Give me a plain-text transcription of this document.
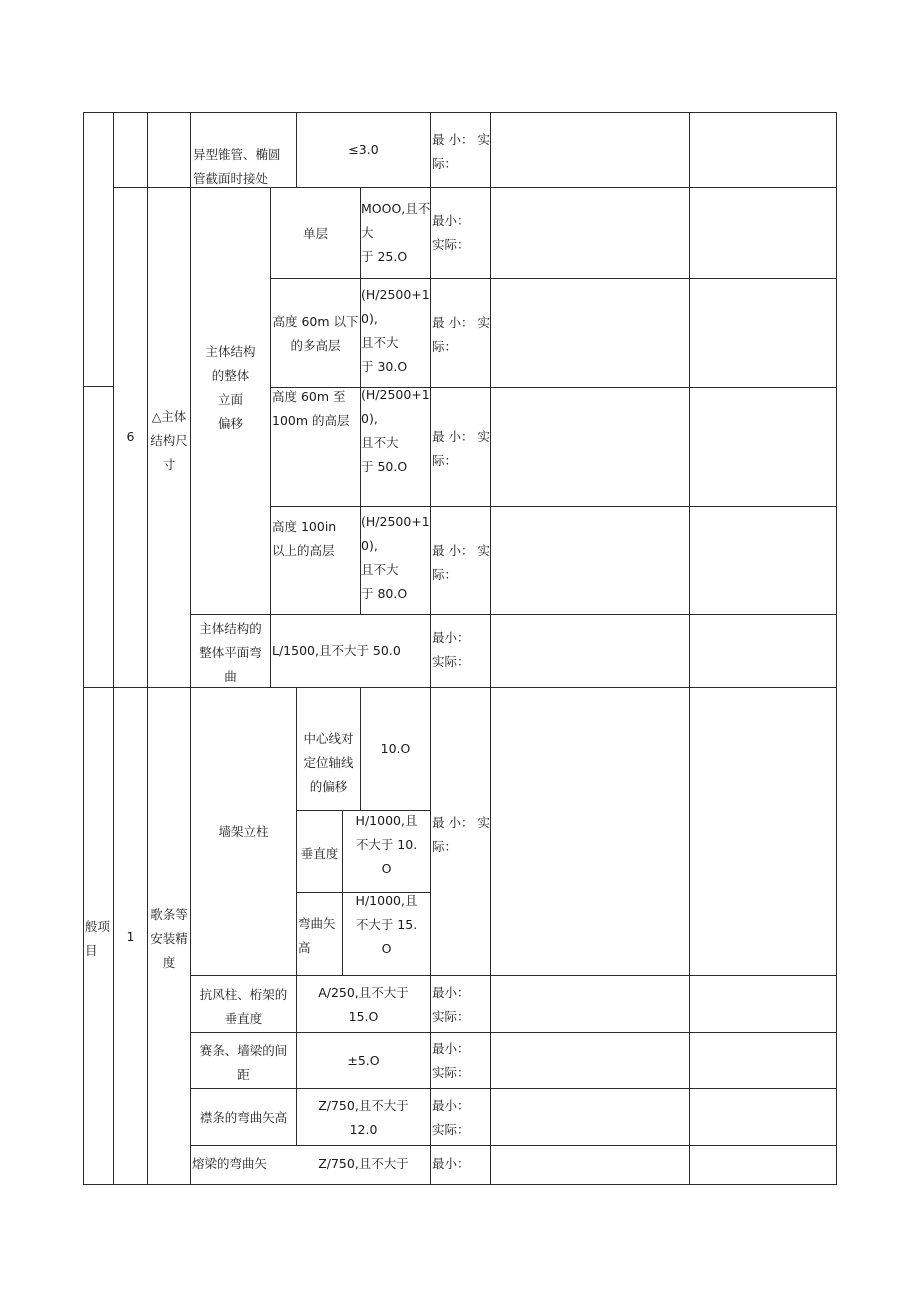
异型锥管、椭圆
管截面时接处
≤3.0
最 小： 实
际：
6
△主体
结构尺
寸
主体结构
的整体
立面
偏移
单层
MOOO,且不
大
于 25.O
最小：
实际：
高度 60m 以下
的多高层
(H/2500+1
0),
且不大
于 30.O
最 小： 实
际：
高度 60m 至
100m 的高层
(H/2500+1
0),
且不大
于 50.O
最 小： 实
际：
高度 100in
以上的高层
(H/2500+1
0),
且不大
于 80.O
最 小： 实
际：
主体结构的
整体平面弯
曲
L/1500,且不大于 50.0
最小：
实际：
般项
目
1
歌条等
安装精
度
墙架立柱
中心线对
定位轴线
的偏移
10.O
垂直度
H/1000,且
不大于 10.
O
弯曲矢
高
H/1000,且
不大于 15.
O
最 小： 实
际：
抗风柱、桁架的
垂直度
A/250,且不大于
15.O
最小：
实际：
赛条、墙梁的间
距
±5.O
最小：
实际：
襟条的弯曲矢高
Z/750,且不大于
12.0
最小：
实际：
熔梁的弯曲矢	Z/750,且不大于	最小：
